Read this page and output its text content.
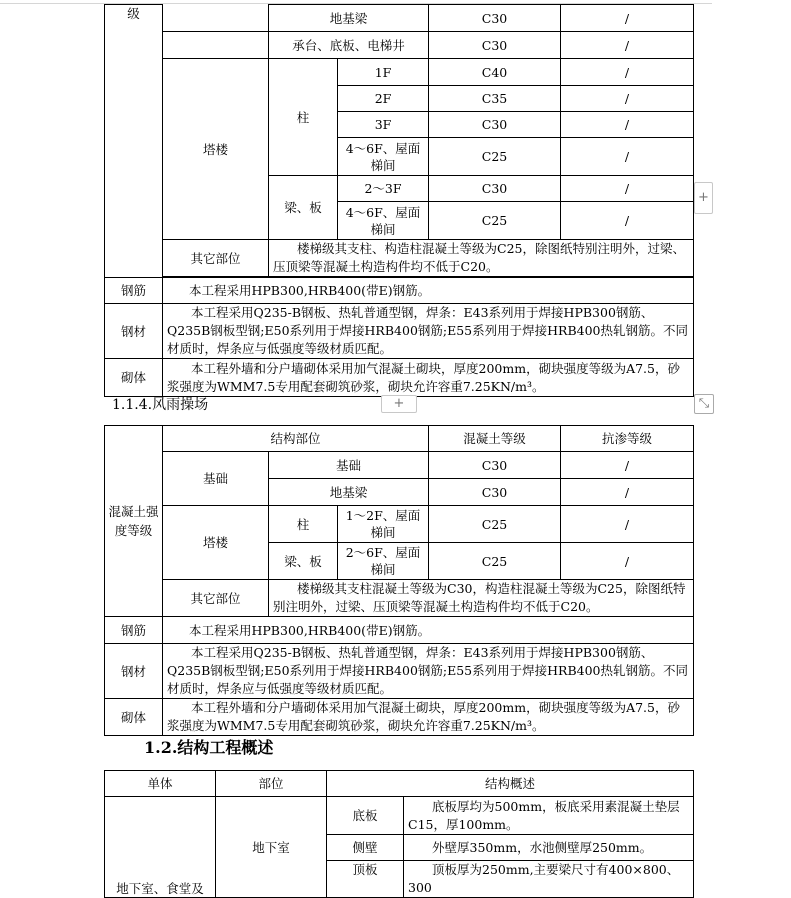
级		地基梁		C30	/
		承台、底板、电梯井		C30	/
	塔楼	柱	1F	C40	/
			2F	C35	/
			3F	C30	/
			4～6F、屋面梯间	C25	/
		梁、板	2～3F	C30	/
			4～6F、屋面梯间	C25	/
	其它部位	楼梯级其支柱、构造柱混凝土等级为C25，除图纸特别注明外，过梁、压顶梁等混凝土构造构件均不低于C20。			

钢筋	本工程采用HPB300,HRB400(带E)钢筋。				
钢材	本工程采用Q235-B钢板、热轧普通型钢，焊条：E43系列用于焊接HPB300钢筋、Q235B钢板型钢;E50系列用于焊接HRB400钢筋;E55系列用于焊接HRB400热轧钢筋。不同材质时，焊条应与低强度等级材质匹配。				
砌体	本工程外墙和分户墙砌体采用加气混凝土砌块，厚度200mm，砌块强度等级为A7.5，砂浆强度为WMM7.5专用配套砌筑砂浆，砌块允许容重7.25KN/m³。				
1.1.4.风雨操场
混凝土强度等级	结构部位			混凝土等级	抗渗等级
	基础	基础		C30	/
		地基梁		C30	/
	塔楼	柱	1～2F、屋面梯间	C25	/
		梁、板	2～6F、屋面梯间	C25	/
	其它部位	楼梯级其支柱混凝土等级为C30，构造柱混凝土等级为C25，除图纸特别注明外，过梁、压顶梁等混凝土构造构件均不低于C20。			
钢筋	本工程采用HPB300,HRB400(带E)钢筋。				
钢材	本工程采用Q235-B钢板、热轧普通型钢，焊条：E43系列用于焊接HPB300钢筋、Q235B钢板型钢;E50系列用于焊接HRB400钢筋;E55系列用于焊接HRB400热轧钢筋。不同材质时，焊条应与低强度等级材质匹配。				
砌体	本工程外墙和分户墙砌体采用加气混凝土砌块，厚度200mm，砌块强度等级为A7.5，砂浆强度为WMM7.5专用配套砌筑砂浆，砌块允许容重7.25KN/m³。				
1.2.结构工程概述
单体	部位	结构概述	
地下室、食堂及	地下室	底板	底板厚均为500mm，板底采用素混凝土垫层C15，厚100mm。
		侧壁	外壁厚350mm，水池侧壁厚250mm。
		顶板	顶板厚为250mm,主要梁尺寸有400×800、300
+
+	⤡
